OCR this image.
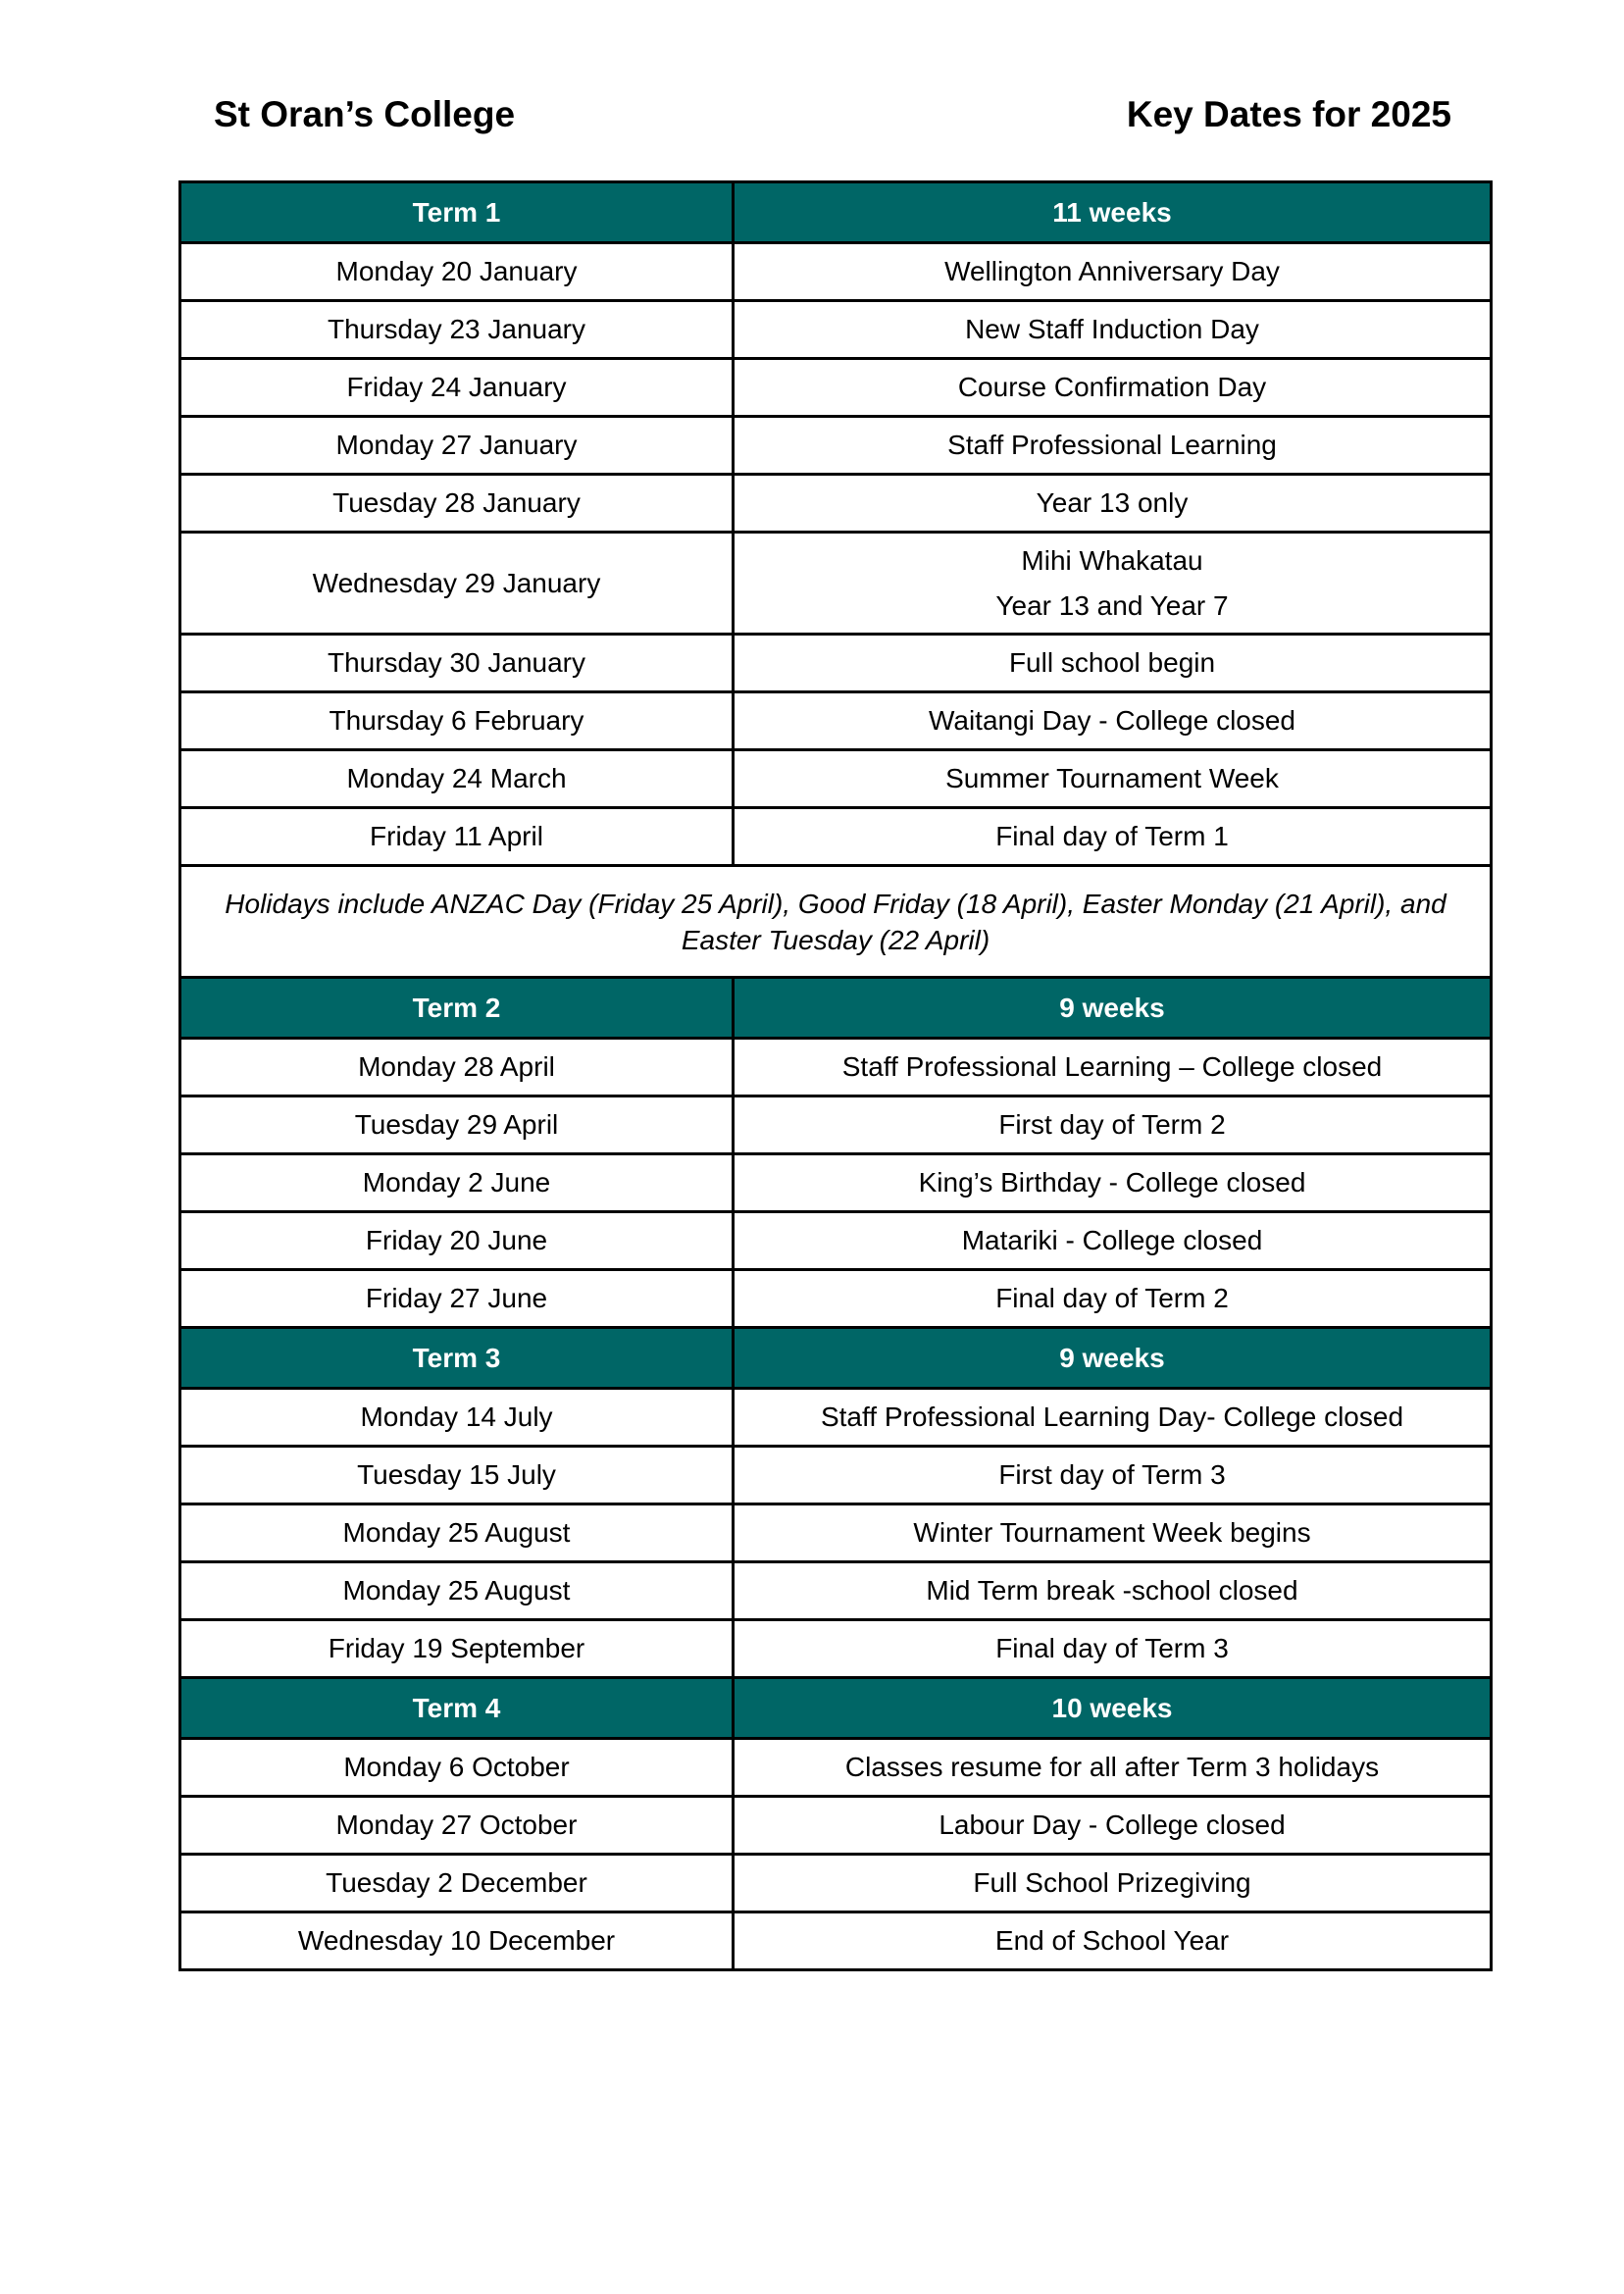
St Oran’s College	Key Dates for 2025
Term 1	11 weeks
Monday 20 January	Wellington Anniversary Day
Thursday 23 January	New Staff Induction Day
Friday 24 January	Course Confirmation Day
Monday 27 January	Staff Professional Learning
Tuesday 28 January	Year 13 only
Wednesday 29 January	Mihi Whakatau
Year 13 and Year 7

Thursday 30 January	Full school begin
Thursday 6 February	Waitangi Day - College closed
Monday 24 March	Summer Tournament Week
Friday 11 April	Final day of Term 1
Holidays include ANZAC Day (Friday 25 April), Good Friday (18 April), Easter Monday (21 April), and Easter Tuesday (22 April)	
Term 2	9 weeks
Monday 28 April	Staff Professional Learning – College closed
Tuesday 29 April	First day of Term 2
Monday 2 June	King’s Birthday - College closed
Friday 20 June	Matariki - College closed
Friday 27 June	Final day of Term 2
Term 3	9 weeks
Monday 14 July	Staff Professional Learning Day- College closed
Tuesday 15 July	First day of Term 3
Monday 25 August	Winter Tournament Week begins
Monday 25 August	Mid Term break -school closed
Friday 19 September	Final day of Term 3
Term 4	10 weeks
Monday 6 October	Classes resume for all after Term 3 holidays
Monday 27 October	Labour Day - College closed
Tuesday 2 December	Full School Prizegiving
Wednesday 10 December	End of School Year
